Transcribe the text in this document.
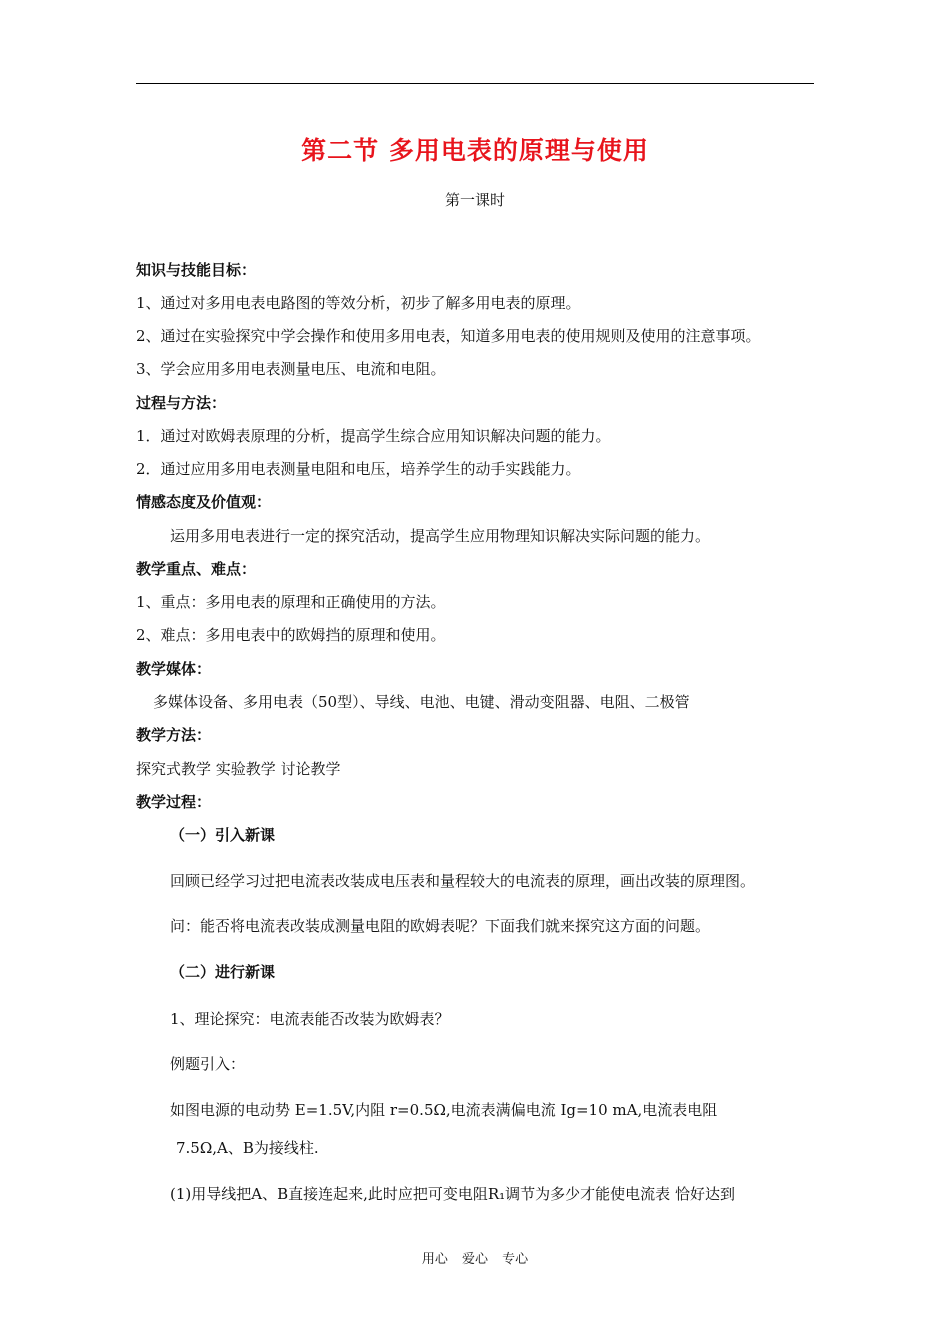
第二节 多用电表的原理与使用
第一课时
知识与技能目标：
1、通过对多用电表电路图的等效分析，初步了解多用电表的原理。
2、通过在实验探究中学会操作和使用多用电表，知道多用电表的使用规则及使用的注意事项。
3、学会应用多用电表测量电压、电流和电阻。
过程与方法：
1．通过对欧姆表原理的分析，提高学生综合应用知识解决问题的能力。
2．通过应用多用电表测量电阻和电压，培养学生的动手实践能力。
情感态度及价值观：
运用多用电表进行一定的探究活动，提高学生应用物理知识解决实际问题的能力。
教学重点、难点：
1、重点：多用电表的原理和正确使用的方法。
2、难点：多用电表中的欧姆挡的原理和使用。
教学媒体：
多媒体设备、多用电表（50型）、导线、电池、电键、滑动变阻器、电阻、二极管
教学方法：
探究式教学 实验教学 讨论教学
教学过程：
（一）引入新课
回顾已经学习过把电流表改装成电压表和量程较大的电流表的原理，画出改装的原理图。
问：能否将电流表改装成测量电阻的欧姆表呢？下面我们就来探究这方面的问题。
（二）进行新课
1、理论探究：电流表能否改装为欧姆表？
例题引入：
如图电源的电动势 E=1.5V,内阻 r=0.5Ω,电流表满偏电流 Ig=10 mA,电流表电阻
7.5Ω,A、B为接线柱.
(1)用导线把A、B直接连起来,此时应把可变电阻R₁调节为多少才能使电流表 恰好达到
用心 爱心 专心
